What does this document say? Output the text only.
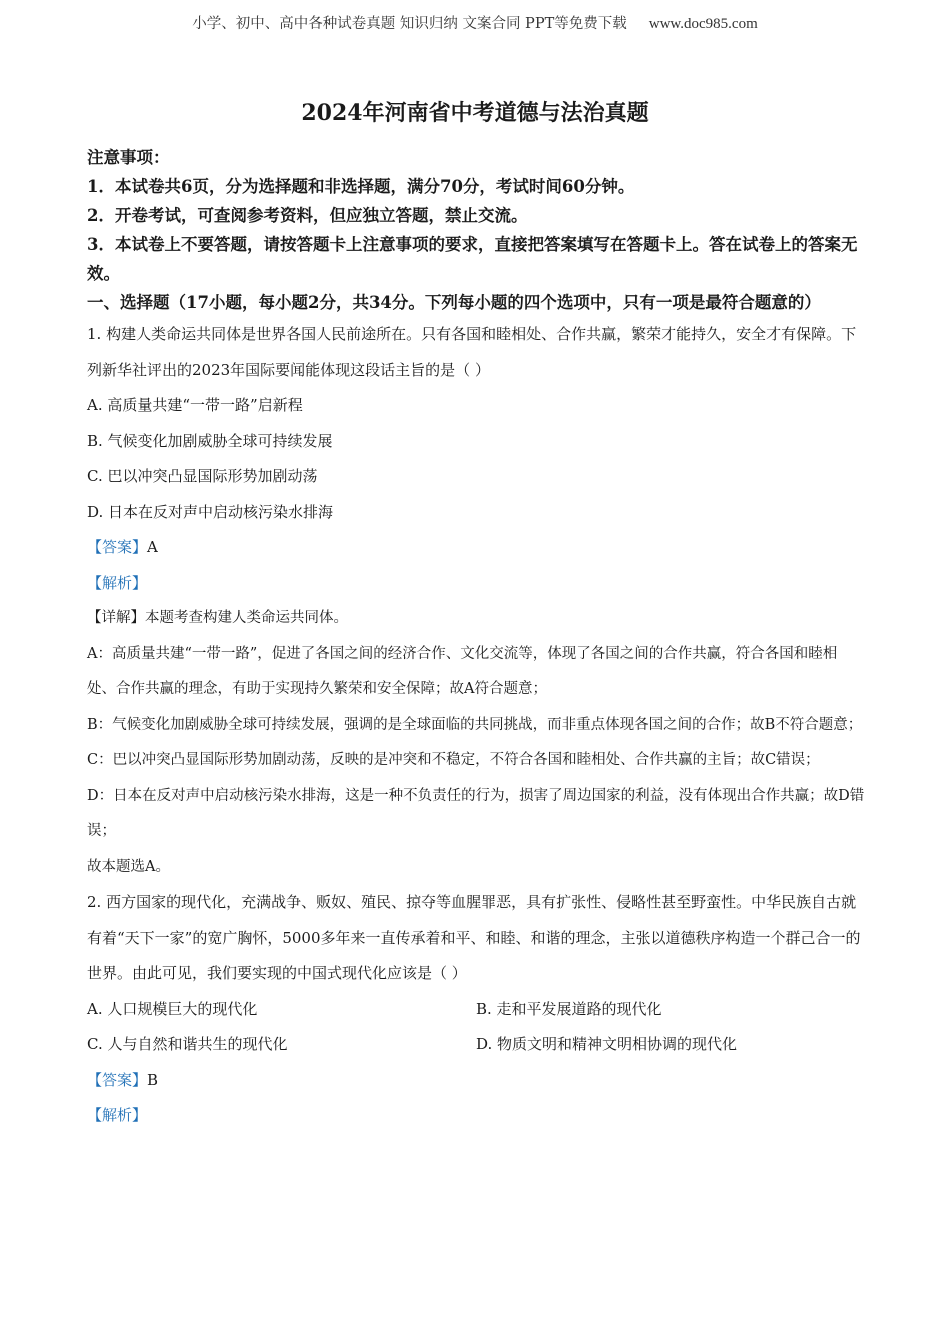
小学、初中、高中各种试卷真题 知识归纳 文案合同 PPT等免费下载 www.doc985.com
2024年河南省中考道德与法治真题
注意事项：
1．本试卷共6页，分为选择题和非选择题，满分70分，考试时间60分钟。
2．开卷考试，可查阅参考资料，但应独立答题，禁止交流。
3．本试卷上不要答题，请按答题卡上注意事项的要求，直接把答案填写在答题卡上。答在试卷上的答案无效。
一、选择题（17小题，每小题2分，共34分。下列每小题的四个选项中，只有一项是最符合题意的）

1. 构建人类命运共同体是世界各国人民前途所在。只有各国和睦相处、合作共赢，繁荣才能持久，安全才有保障。下列新华社评出的2023年国际要闻能体现这段话主旨的是（ ）

A. 高质量共建“一带一路”启新程

B. 气候变化加剧威胁全球可持续发展

C. 巴以冲突凸显国际形势加剧动荡

D. 日本在反对声中启动核污染水排海

【答案】A

【解析】

【详解】本题考查构建人类命运共同体。

A：高质量共建“一带一路”，促进了各国之间的经济合作、文化交流等，体现了各国之间的合作共赢，符合各国和睦相处、合作共赢的理念，有助于实现持久繁荣和安全保障；故A符合题意；

B：气候变化加剧威胁全球可持续发展，强调的是全球面临的共同挑战，而非重点体现各国之间的合作；故B不符合题意；

C：巴以冲突凸显国际形势加剧动荡，反映的是冲突和不稳定，不符合各国和睦相处、合作共赢的主旨；故C错误；

D：日本在反对声中启动核污染水排海，这是一种不负责任的行为，损害了周边国家的利益，没有体现出合作共赢；故D错误；

故本题选A。

2. 西方国家的现代化，充满战争、贩奴、殖民、掠夺等血腥罪恶，具有扩张性、侵略性甚至野蛮性。中华民族自古就有着“天下一家”的宽广胸怀，5000多年来一直传承着和平、和睦、和谐的理念，主张以道德秩序构造一个群己合一的世界。由此可见，我们要实现的中国式现代化应该是（ ）

A. 人口规模巨大的现代化	B. 走和平发展道路的现代化
C. 人与自然和谐共生的现代化	D. 物质文明和精神文明相协调的现代化

【答案】B

【解析】
